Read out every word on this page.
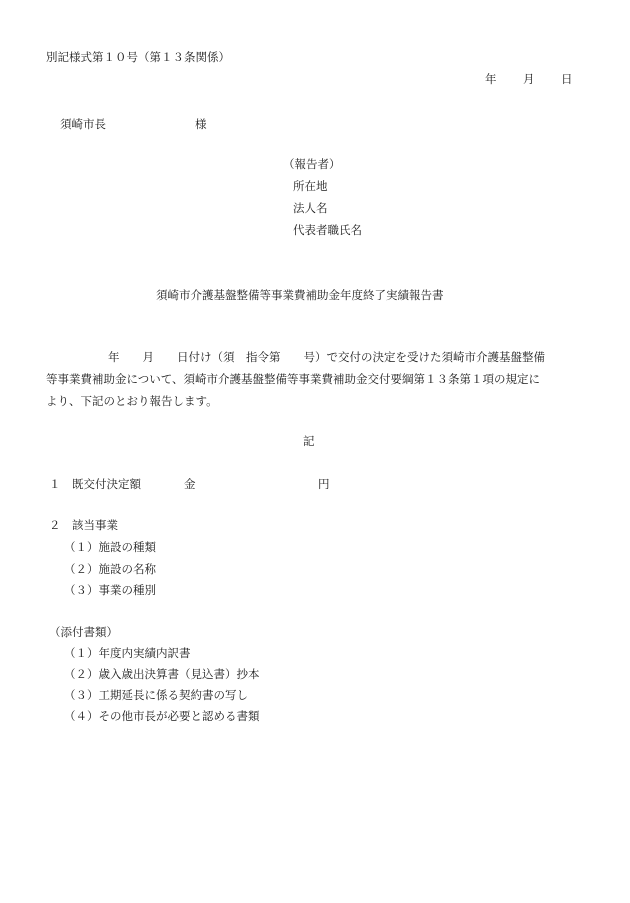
別記様式第１０号（第１３条関係）
年 月 日
須崎市長	様
（報告者）
所在地
法人名
代表者職氏名
須崎市介護基盤整備等事業費補助金年度終了実績報告書
年　　月　　日付け（須　指令第　　号）で交付の決定を受けた須崎市介護基盤整備
等事業費補助金について、須崎市介護基盤整備等事業費補助金交付要綱第１３条第１項の規定に
より、下記のとおり報告します。
記
１　既交付決定額	金	円
２　該当事業
（１）施設の種類
（２）施設の名称
（３）事業の種別
（添付書類）
（１）年度内実績内訳書
（２）歳入歳出決算書（見込書）抄本
（３）工期延長に係る契約書の写し
（４）その他市長が必要と認める書類
